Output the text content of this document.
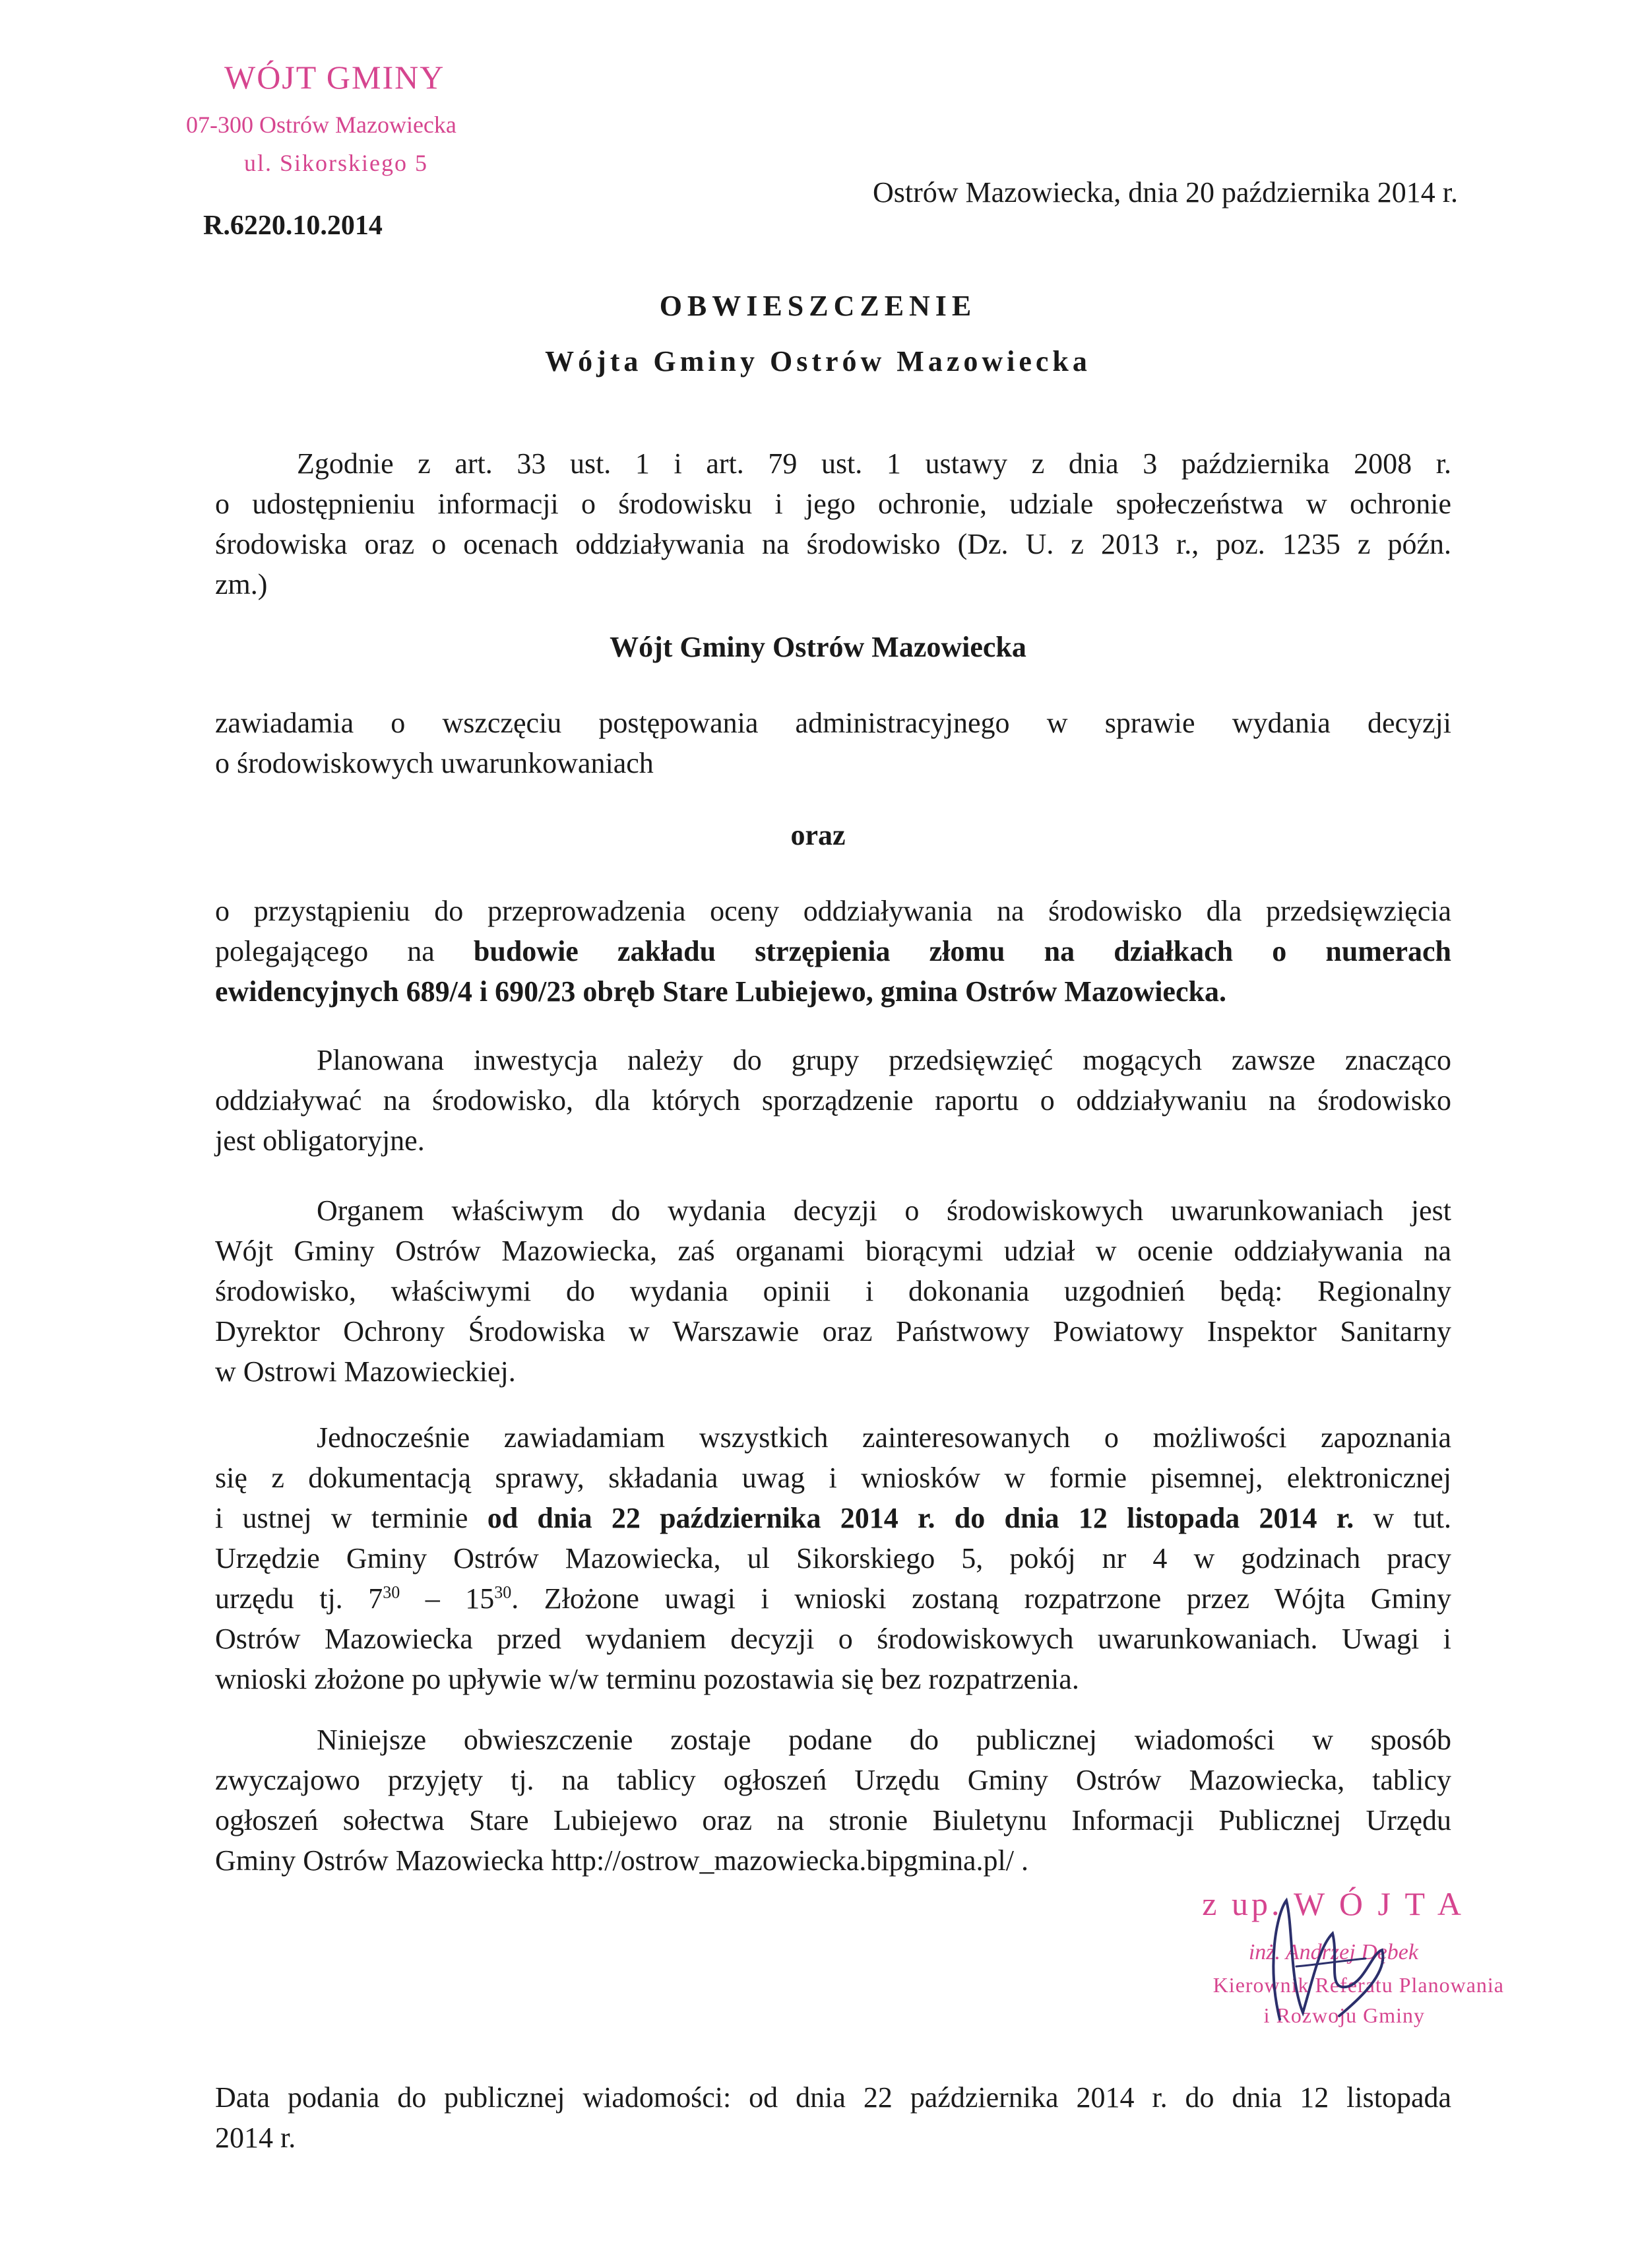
WÓJT GMINY
07-300 Ostrów Mazowiecka
ul. Sikorskiego 5
Ostrów Mazowiecka, dnia 20 października 2014 r.
R.6220.10.2014
OBWIESZCZENIE
Wójta Gminy Ostrów Mazowiecka
Zgodnie z art. 33 ust. 1 i art. 79 ust. 1 ustawy z dnia 3 października 2008 r.
o udostępnieniu informacji o środowisku i jego ochronie, udziale społeczeństwa w ochronie
środowiska oraz o ocenach oddziaływania na środowisko (Dz. U. z 2013 r., poz. 1235 z późn.
zm.)
Wójt Gminy Ostrów Mazowiecka
zawiadamia o wszczęciu postępowania administracyjnego w sprawie wydania decyzji
o środowiskowych uwarunkowaniach
oraz
o przystąpieniu do przeprowadzenia oceny oddziaływania na środowisko dla przedsięwzięcia
polegającego na budowie zakładu strzępienia złomu na działkach o numerach
ewidencyjnych 689/4 i 690/23 obręb Stare Lubiejewo, gmina Ostrów Mazowiecka.
Planowana inwestycja należy do grupy przedsięwzięć mogących zawsze znacząco
oddziaływać na środowisko, dla których sporządzenie raportu o oddziaływaniu na środowisko
jest obligatoryjne.
Organem właściwym do wydania decyzji o środowiskowych uwarunkowaniach jest
Wójt Gminy Ostrów Mazowiecka, zaś organami biorącymi udział w ocenie oddziaływania na
środowisko, właściwymi do wydania opinii i dokonania uzgodnień będą: Regionalny
Dyrektor Ochrony Środowiska w Warszawie oraz Państwowy Powiatowy Inspektor Sanitarny
w Ostrowi Mazowieckiej.
Jednocześnie zawiadamiam wszystkich zainteresowanych o możliwości zapoznania
się z dokumentacją sprawy, składania uwag i wniosków w formie pisemnej, elektronicznej
i ustnej w terminie od dnia 22 października 2014 r. do dnia 12 listopada 2014 r. w tut.
Urzędzie Gminy Ostrów Mazowiecka, ul Sikorskiego 5, pokój nr 4 w godzinach pracy
urzędu tj. $7^{30} - 15^{30}$. Złożone uwagi i wnioski zostaną rozpatrzone przez Wójta Gminy
Ostrów Mazowiecka przed wydaniem decyzji o środowiskowych uwarunkowaniach. Uwagi i
wnioski złożone po upływie w/w terminu pozostawia się bez rozpatrzenia.
Niniejsze obwieszczenie zostaje podane do publicznej wiadomości w sposób
zwyczajowo przyjęty tj. na tablicy ogłoszeń Urzędu Gminy Ostrów Mazowiecka, tablicy
ogłoszeń sołectwa Stare Lubiejewo oraz na stronie Biuletynu Informacji Publicznej Urzędu
Gminy Ostrów Mazowiecka http://ostrow_mazowiecka.bipgmina.pl/ .
z up. W Ó J T A
inż. Andrzej Dębek
Kierownik Referatu Planowania
i Rozwoju Gminy
Data podania do publicznej wiadomości: od dnia 22 października 2014 r. do dnia 12 listopada
2014 r.
